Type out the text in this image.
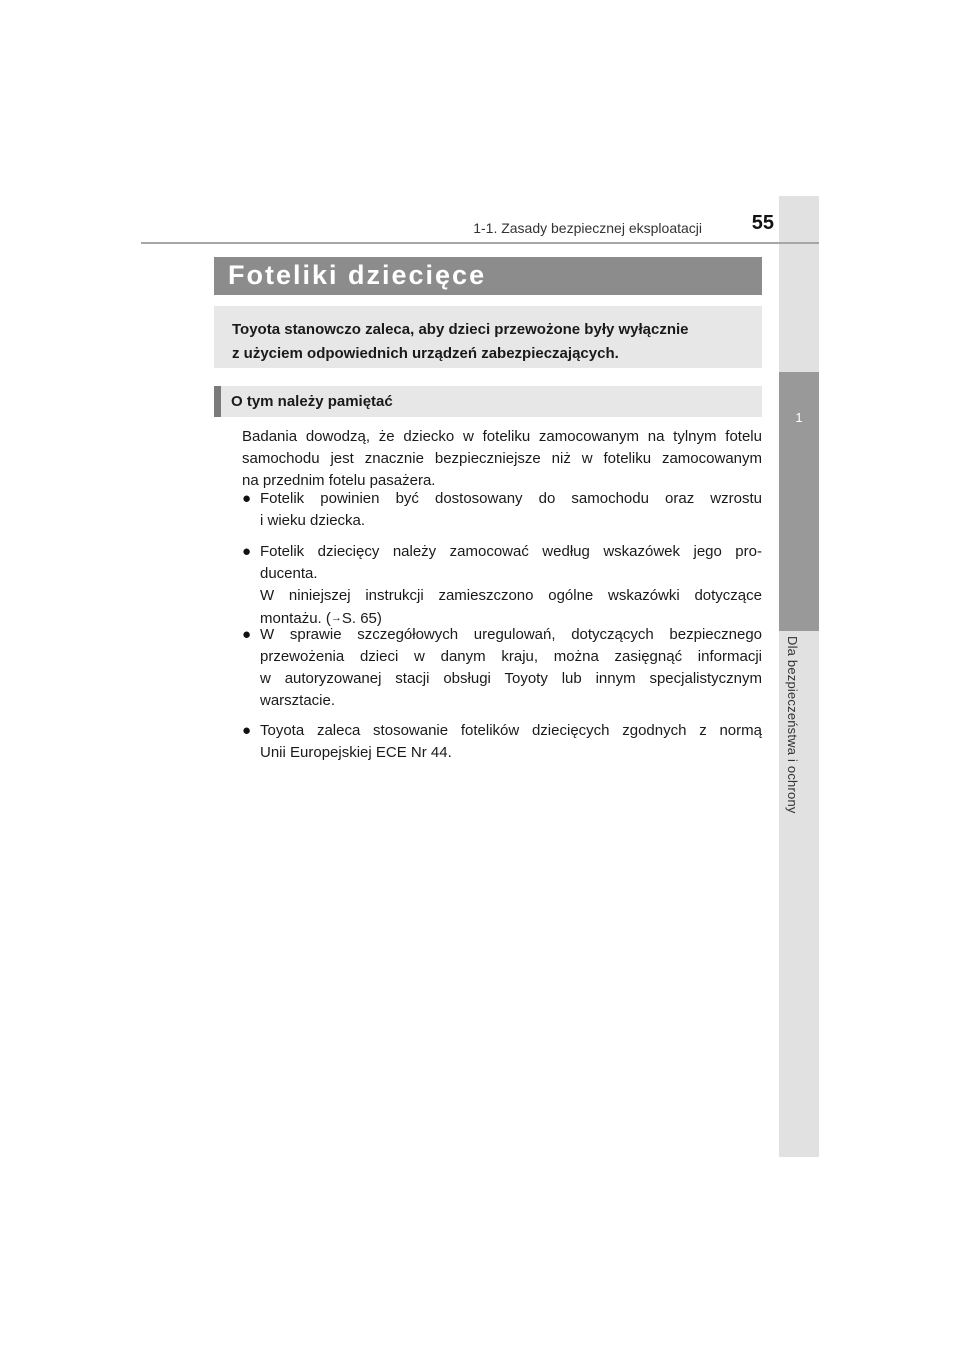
1
Dla bezpieczeństwa i ochrony
1-1. Zasady bezpiecznej eksploatacji	55
Foteliki dziecięce
Toyota stanowczo zaleca, aby dzieci przewożone były wyłącznie
z użyciem odpowiednich urządzeń zabezpieczających.
O tym należy pamiętać
Badania dowodzą, że dziecko w foteliku zamocowanym na tylnym fotelu
samochodu jest znacznie bezpieczniejsze niż w foteliku zamocowanym
na przednim fotelu pasażera.
● Fotelik powinien być dostosowany do samochodu oraz wzrostu
i wieku dziecka.
● Fotelik dziecięcy należy zamocować według wskazówek jego pro-
ducenta.
W niniejszej instrukcji zamieszczono ogólne wskazówki dotyczące
montażu. (→S. 65)
● W sprawie szczegółowych uregulowań, dotyczących bezpiecznego
przewożenia dzieci w danym kraju, można zasięgnąć informacji
w autoryzowanej stacji obsługi Toyoty lub innym specjalistycznym
warsztacie.
● Toyota zaleca stosowanie fotelików dziecięcych zgodnych z normą
Unii Europejskiej ECE Nr 44.
